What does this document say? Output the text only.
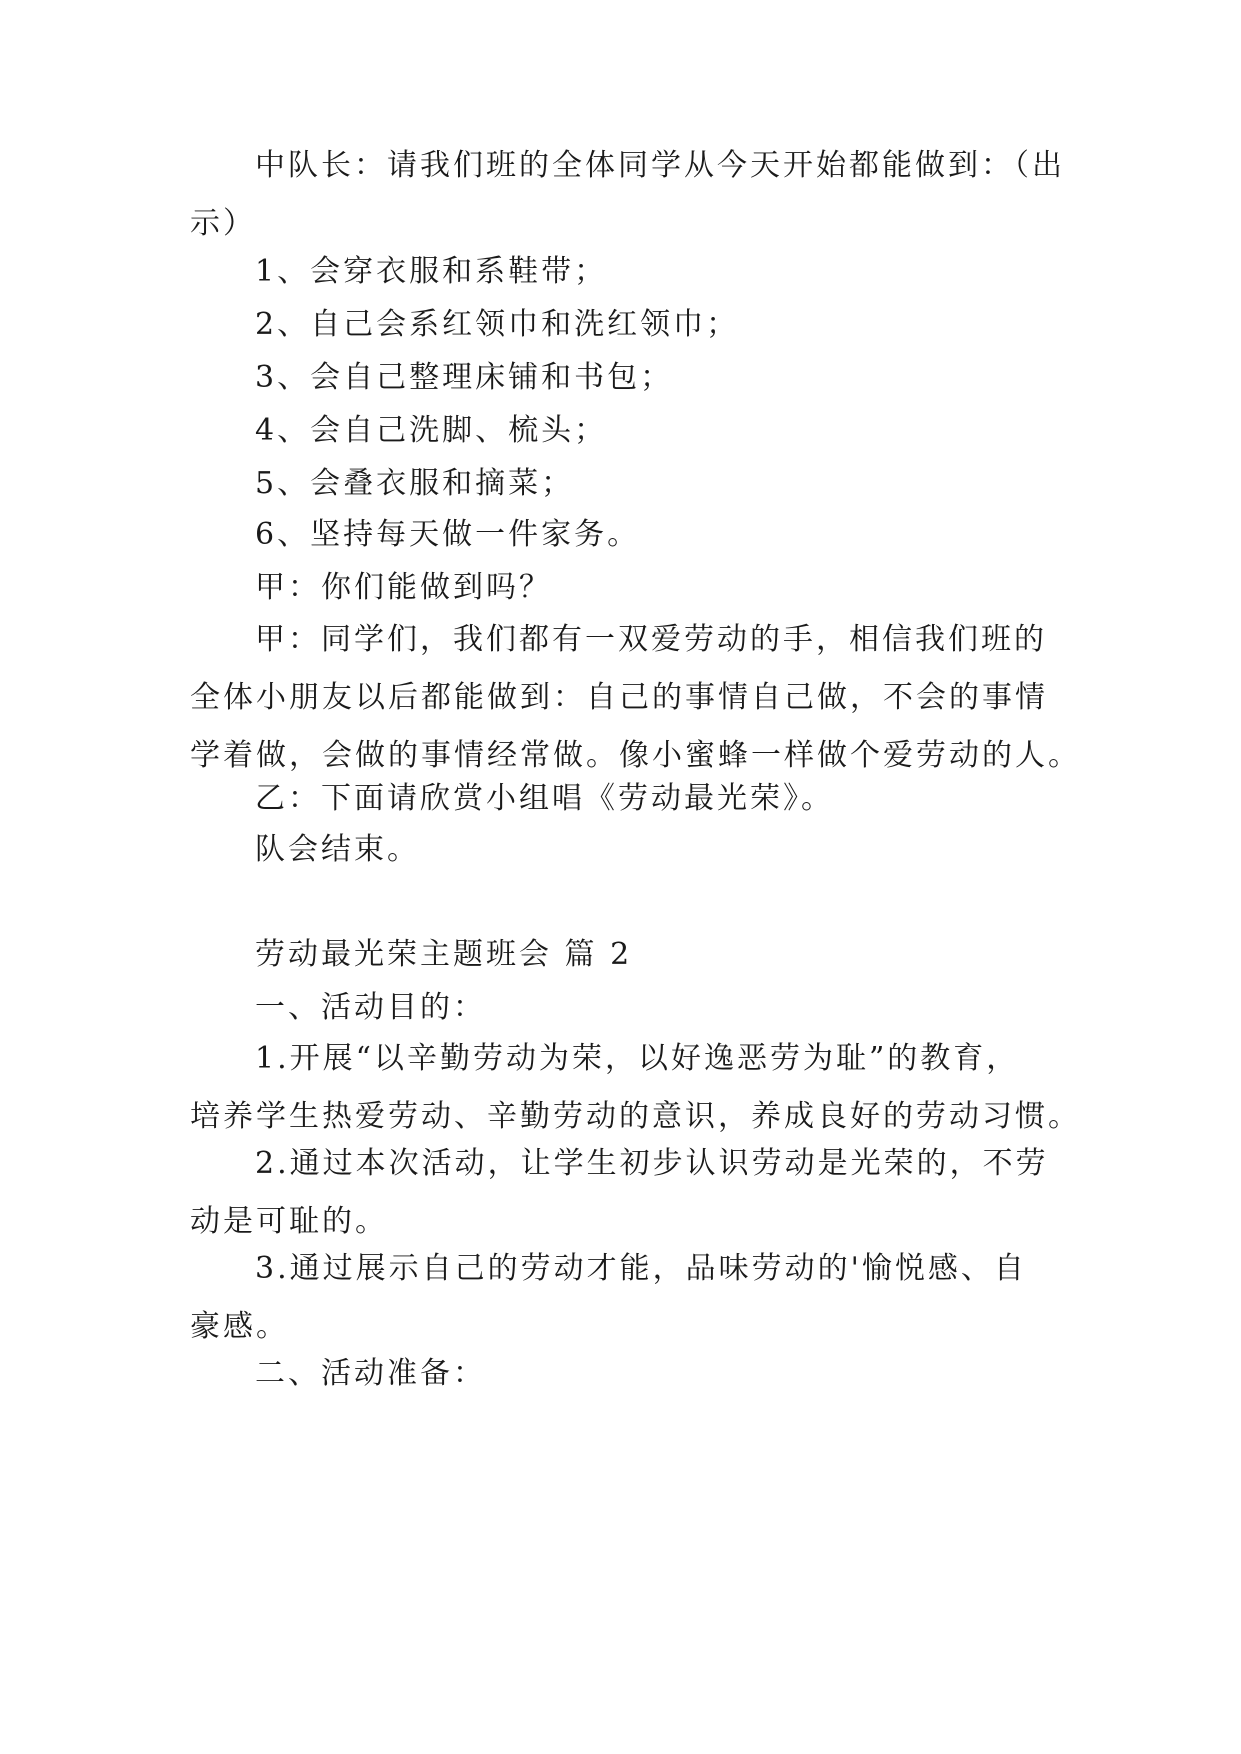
中队长：请我们班的全体同学从今天开始都能做到：（出
示）

1、会穿衣服和系鞋带；

2、自己会系红领巾和洗红领巾；

3、会自己整理床铺和书包；

4、会自己洗脚、梳头；

5、会叠衣服和摘菜；

6、坚持每天做一件家务。

甲：你们能做到吗？

甲：同学们，我们都有一双爱劳动的手，相信我们班的
全体小朋友以后都能做到：自己的事情自己做，不会的事情
学着做，会做的事情经常做。像小蜜蜂一样做个爱劳动的人。

乙：下面请欣赏小组唱《劳动最光荣》。

队会结束。

劳动最光荣主题班会 篇 2

一、活动目的：

1.开展“以辛勤劳动为荣，以好逸恶劳为耻”的教育，
培养学生热爱劳动、辛勤劳动的意识，养成良好的劳动习惯。

2.通过本次活动，让学生初步认识劳动是光荣的，不劳
动是可耻的。

3.通过展示自己的劳动才能，品味劳动的'愉悦感、自
豪感。

二、活动准备：
